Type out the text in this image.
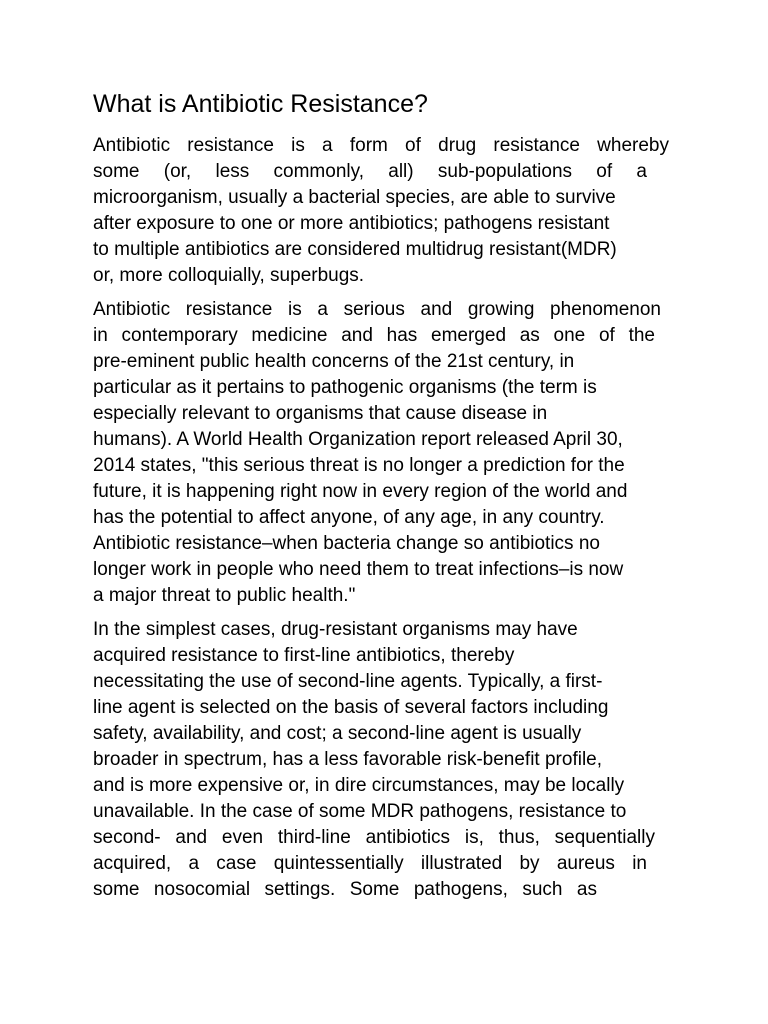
What is Antibiotic Resistance?

Antibiotic resistance is a form of drug resistance whereby

some (or, less commonly, all) sub-populations of a

microorganism, usually a bacterial species, are able to survive

after exposure to one or more antibiotics; pathogens resistant

to multiple antibiotics are considered multidrug resistant(MDR)

or, more colloquially, superbugs.

Antibiotic resistance is a serious and growing phenomenon

in contemporary medicine and has emerged as one of the

pre-eminent public health concerns of the 21st century, in

particular as it pertains to pathogenic organisms (the term is

especially relevant to organisms that cause disease in

humans). A World Health Organization report released April 30,

2014 states, "this serious threat is no longer a prediction for the

future, it is happening right now in every region of the world and

has the potential to affect anyone, of any age, in any country.

Antibiotic resistance–when bacteria change so antibiotics no

longer work in people who need them to treat infections–is now

a major threat to public health."

In the simplest cases, drug-resistant organisms may have

acquired resistance to first-line antibiotics, thereby

necessitating the use of second-line agents. Typically, a first-

line agent is selected on the basis of several factors including

safety, availability, and cost; a second-line agent is usually

broader in spectrum, has a less favorable risk-benefit profile,

and is more expensive or, in dire circumstances, may be locally

unavailable. In the case of some MDR pathogens, resistance to

second- and even third-line antibiotics is, thus, sequentially

acquired, a case quintessentially illustrated by aureus in

some nosocomial settings. Some pathogens, such as
